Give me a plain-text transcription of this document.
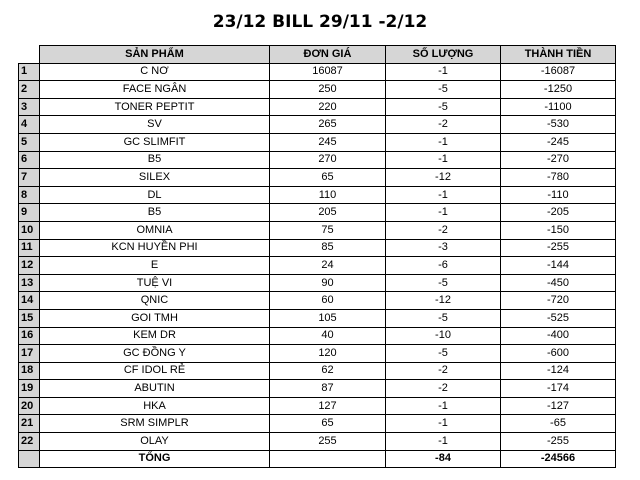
23/12 BILL 29/11 -2/12
	SẢN PHẨM	ĐƠN GIÁ	SỐ LƯỢNG	THÀNH TIỀN
1	C NƠ	16087	-1	-16087
2	FACE NGÂN	250	-5	-1250
3	TONER PEPTIT	220	-5	-1100
4	SV	265	-2	-530
5	GC SLIMFIT	245	-1	-245
6	B5	270	-1	-270
7	SILEX	65	-12	-780
8	DL	110	-1	-110
9	B5	205	-1	-205
10	OMNIA	75	-2	-150
11	KCN HUYỀN PHI	85	-3	-255
12	E	24	-6	-144
13	TUỆ VI	90	-5	-450
14	QNIC	60	-12	-720
15	GOI TMH	105	-5	-525
16	KEM DR	40	-10	-400
17	GC ĐỒNG Y	120	-5	-600
18	CF IDOL RẺ	62	-2	-124
19	ABUTIN	87	-2	-174
20	HKA	127	-1	-127
21	SRM SIMPLR	65	-1	-65
22	OLAY	255	-1	-255
	TỔNG		-84	-24566
